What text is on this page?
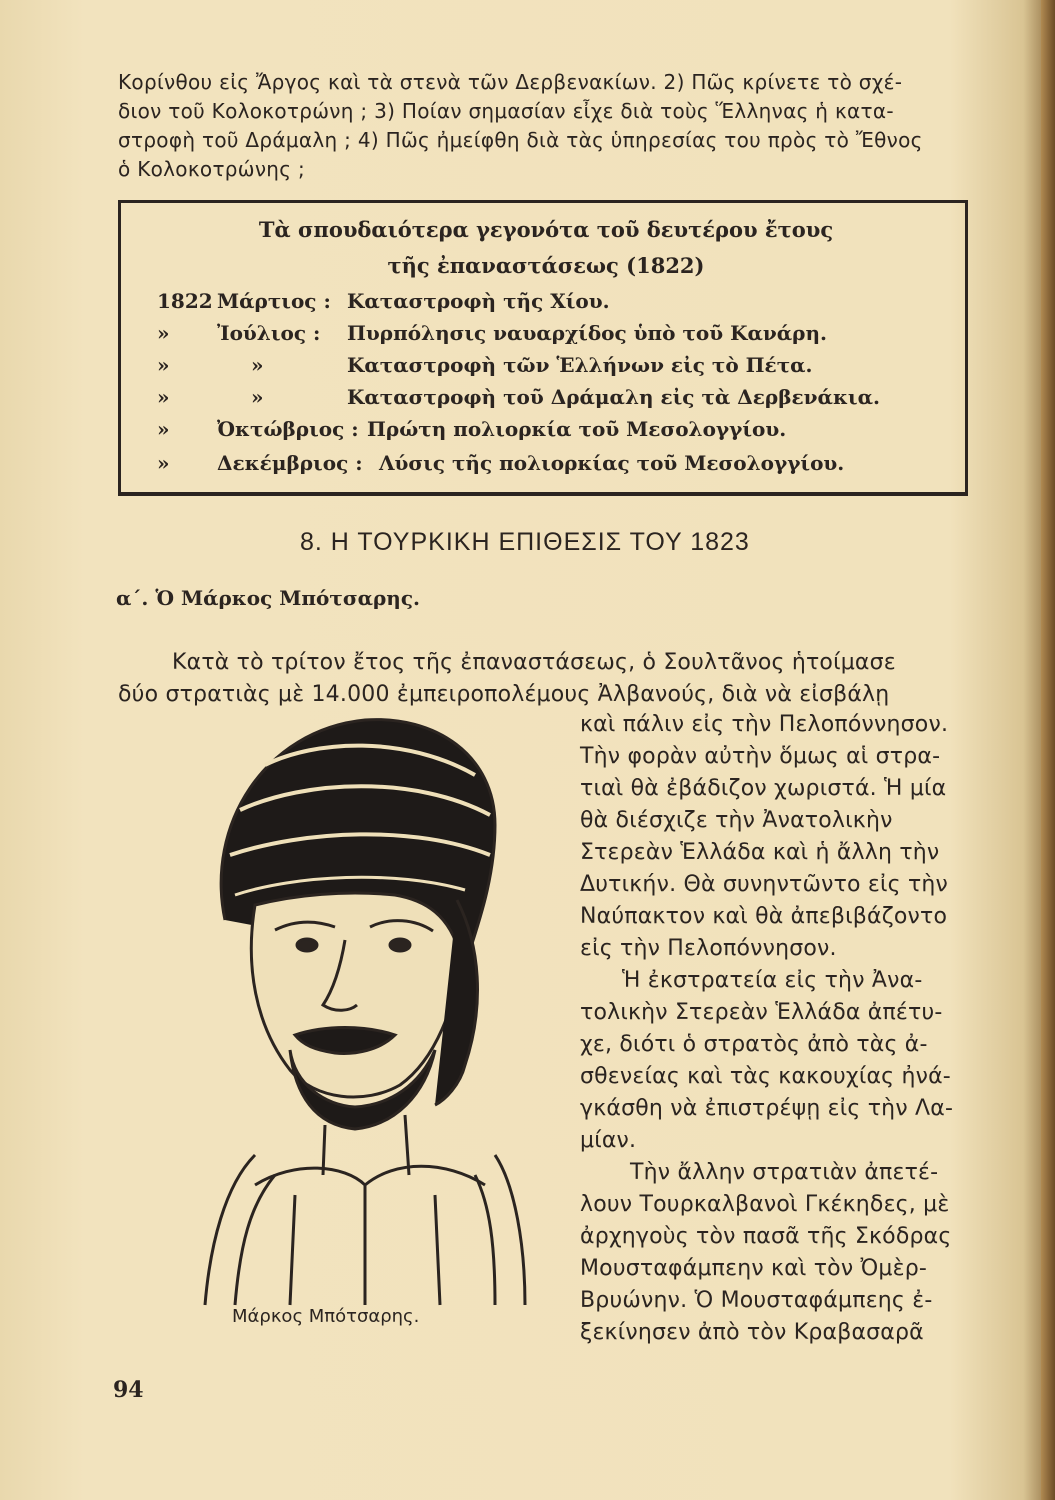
Κορίνθου εἰς Ἄργος καὶ τὰ στενὰ τῶν Δερβενακίων. 2) Πῶς κρίνετε τὸ σχέ-
διον τοῦ Κολοκοτρώνη ; 3) Ποίαν σημασίαν εἶχε διὰ τοὺς Ἕλληνας ἡ κατα-
στροφὴ τοῦ Δράμαλη ; 4) Πῶς ἠμείφθη διὰ τὰς ὑπηρεσίας του πρὸς τὸ Ἔθνος
ὁ Κολοκοτρώνης ;
Τὰ σπουδαιότερα γεγονότα τοῦ δευτέρου ἔτους
τῆς ἐπαναστάσεως (1822)
1822 Μάρτιος : Καταστροφὴ τῆς Χίου.
» Ἰούλιος : Πυρπόλησις ναυαρχίδος ὑπὸ τοῦ Κανάρη.
»	»	Καταστροφὴ τῶν Ἑλλήνων εἰς τὸ Πέτα.
»	»	Καταστροφὴ τοῦ Δράμαλη εἰς τὰ Δερβενάκια.
» Ὀκτώβριος : Πρώτη πολιορκία τοῦ Μεσολογγίου.
» Δεκέμβριος : Λύσις τῆς πολιορκίας τοῦ Μεσολογγίου.
8. Η ΤΟΥΡΚΙΚΗ ΕΠΙΘΕΣΙΣ ΤΟΥ 1823
α΄. Ὁ Μάρκος Μπότσαρης.
Κατὰ τὸ τρίτον ἔτος τῆς ἐπαναστάσεως, ὁ Σουλτᾶνος ἡτοίμασε
δύο στρατιὰς μὲ 14.000 ἐμπειροπολέμους Ἀλβανούς, διὰ νὰ εἰσβάλῃ
καὶ πάλιν εἰς τὴν Πελοπόννησον.
Τὴν φορὰν αὐτὴν ὅμως αἱ στρα-
τιαὶ θὰ ἐβάδιζον χωριστά. Ἡ μία
θὰ διέσχιζε τὴν Ἀνατολικὴν
Στερεὰν Ἑλλάδα καὶ ἡ ἄλλη τὴν
Δυτικήν. Θὰ συνηντῶντο εἰς τὴν
Ναύπακτον καὶ θὰ ἀπεβιβάζοντο
εἰς τὴν Πελοπόννησον.
Ἡ ἐκστρατεία εἰς τὴν Ἀνα-
τολικὴν Στερεὰν Ἑλλάδα ἀπέτυ-
χε, διότι ὁ στρατὸς ἀπὸ τὰς ἀ-
σθενείας καὶ τὰς κακουχίας ἠνά-
γκάσθη νὰ ἐπιστρέψῃ εἰς τὴν Λα-
μίαν.
Τὴν ἄλλην στρατιὰν ἀπετέ-
λουν Τουρκαλβανοὶ Γκέκηδες, μὲ
ἀρχηγοὺς τὸν πασᾶ τῆς Σκόδρας
Μουσταφάμπεην καὶ τὸν Ὀμὲρ-
Βρυώνην. Ὁ Μουσταφάμπεης ἐ-
ξεκίνησεν ἀπὸ τὸν Κραβασαρᾶ
Μάρκος Μπότσαρης.
94
